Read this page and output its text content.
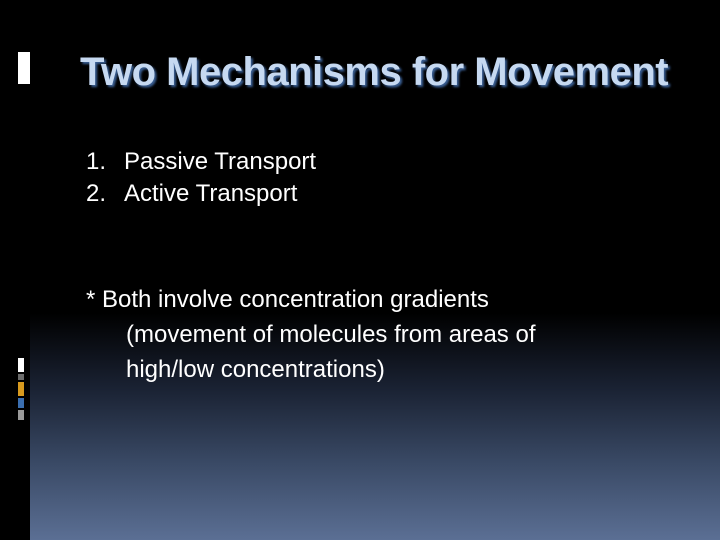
Two Mechanisms for Movement
1. Passive Transport
2. Active Transport
* Both involve concentration gradients
(movement of molecules from areas of
high/low concentrations)
